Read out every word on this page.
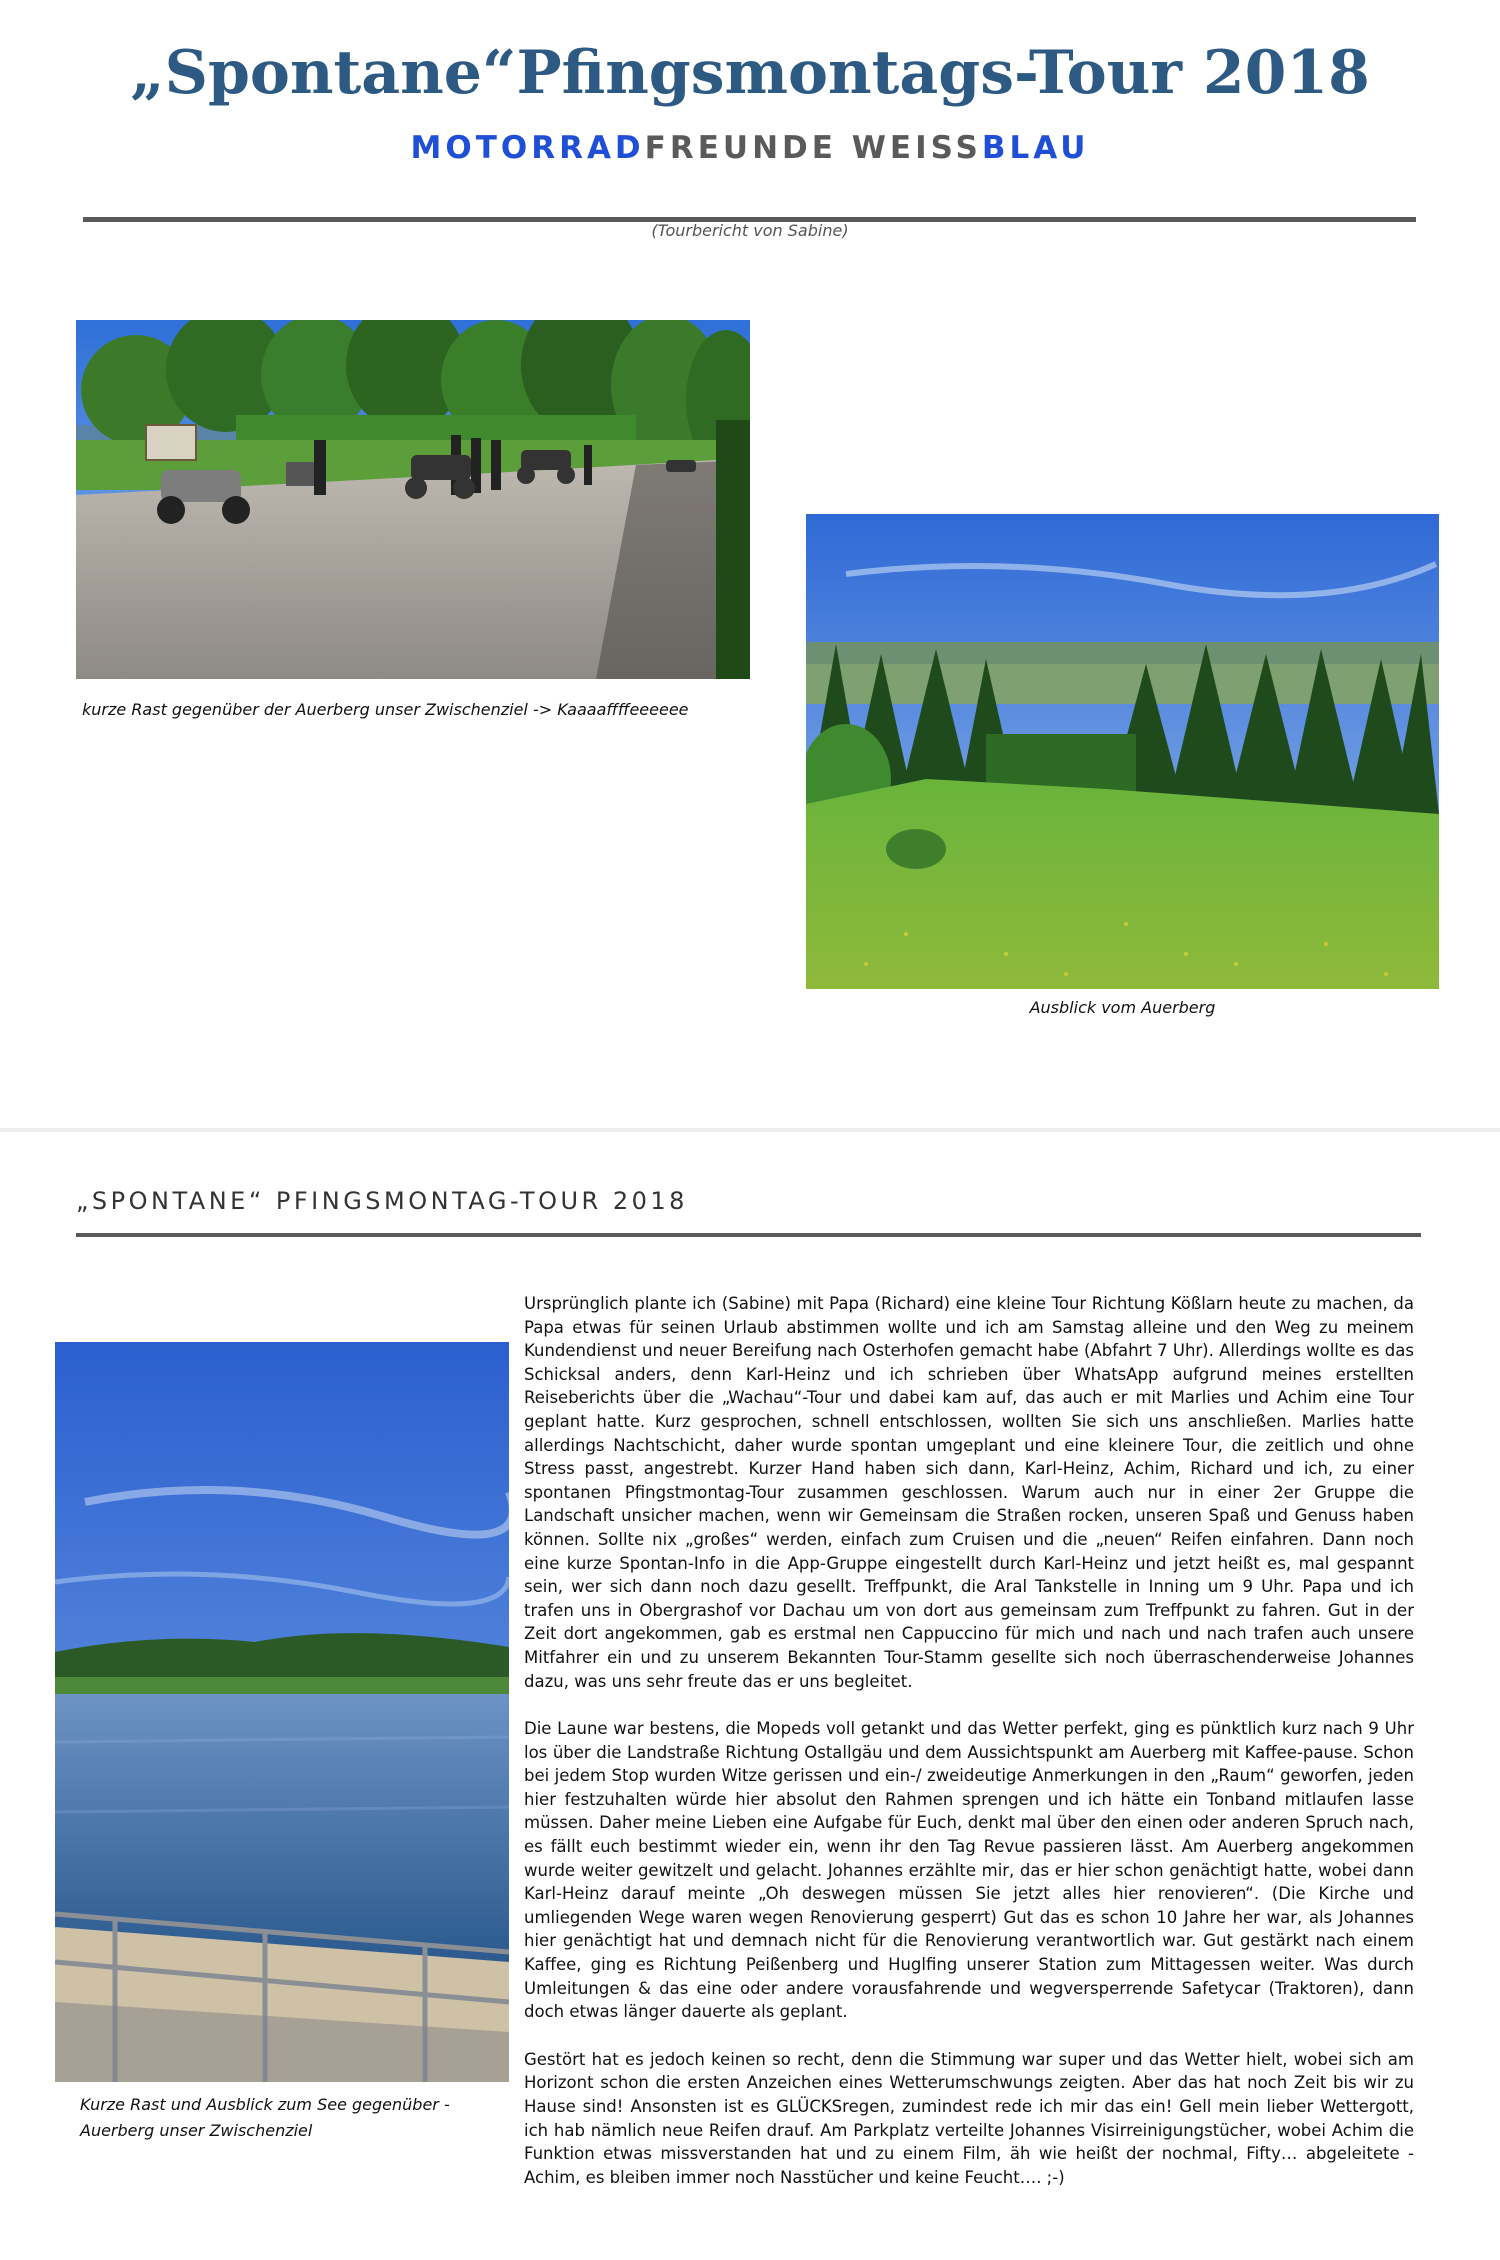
„Spontane“Pfingsmontags-Tour 2018
MOTORRADFREUNDE WEISSBLAU
(Tourbericht von Sabine)
kurze Rast gegenüber der Auerberg unser Zwischenziel -> Kaaaaffffeeeeee
Ausblick vom Auerberg
„SPONTANE“ PFINGSMONTAG-TOUR 2018
Kurze Rast und Ausblick zum See gegenüber -
Auerberg unser Zwischenziel

Ursprünglich plante ich (Sabine) mit Papa (Richard) eine kleine Tour Richtung Kößlarn heute zu machen, da Papa etwas für seinen Urlaub abstimmen wollte und ich am Samstag alleine und den Weg zu meinem Kundendienst und neuer Bereifung nach Osterhofen gemacht habe (Abfahrt 7 Uhr). Allerdings wollte es das Schicksal anders, denn Karl-Heinz und ich schrieben über WhatsApp aufgrund meines erstellten Reiseberichts über die „Wachau“-Tour und dabei kam auf, das auch er mit Marlies und Achim eine Tour geplant hatte. Kurz gesprochen, schnell entschlossen, wollten Sie sich uns anschließen. Marlies hatte allerdings Nachtschicht, daher wurde spontan umgeplant und eine kleinere Tour, die zeitlich und ohne Stress passt, angestrebt. Kurzer Hand haben sich dann, Karl-Heinz, Achim, Richard und ich, zu einer spontanen Pfingstmontag-Tour zusammen geschlossen. Warum auch nur in einer 2er Gruppe die Landschaft unsicher machen, wenn wir Gemeinsam die Straßen rocken, unseren Spaß und Genuss haben können. Sollte nix „großes“ werden, einfach zum Cruisen und die „neuen“ Reifen einfahren. Dann noch eine kurze Spontan-Info in die App-Gruppe eingestellt durch Karl-Heinz und jetzt heißt es, mal gespannt sein, wer sich dann noch dazu gesellt. Treffpunkt, die Aral Tankstelle in Inning um 9 Uhr. Papa und ich trafen uns in Obergrashof vor Dachau um von dort aus gemeinsam zum Treffpunkt zu fahren. Gut in der Zeit dort angekommen, gab es erstmal nen Cappuccino für mich und nach und nach trafen auch unsere Mitfahrer ein und zu unserem Bekannten Tour-Stamm gesellte sich noch überraschenderweise Johannes dazu, was uns sehr freute das er uns begleitet.

Die Laune war bestens, die Mopeds voll getankt und das Wetter perfekt, ging es pünktlich kurz nach 9 Uhr los über die Landstraße Richtung Ostallgäu und dem Aussichtspunkt am Auerberg mit Kaffee-pause. Schon bei jedem Stop wurden Witze gerissen und ein-/ zweideutige Anmerkungen in den „Raum“ geworfen, jeden hier festzuhalten würde hier absolut den Rahmen sprengen und ich hätte ein Tonband mitlaufen lasse müssen. Daher meine Lieben eine Aufgabe für Euch, denkt mal über den einen oder anderen Spruch nach, es fällt euch bestimmt wieder ein, wenn ihr den Tag Revue passieren lässt. Am Auerberg angekommen wurde weiter gewitzelt und gelacht. Johannes erzählte mir, das er hier schon genächtigt hatte, wobei dann Karl-Heinz darauf meinte „Oh deswegen müssen Sie jetzt alles hier renovieren“. (Die Kirche und umliegenden Wege waren wegen Renovierung gesperrt) Gut das es schon 10 Jahre her war, als Johannes hier genächtigt hat und demnach nicht für die Renovierung verantwortlich war. Gut gestärkt nach einem Kaffee, ging es Richtung Peißenberg und Huglfing unserer Station zum Mittagessen weiter. Was durch Umleitungen & das eine oder andere vorausfahrende und wegversperrende Safetycar (Traktoren), dann doch etwas länger dauerte als geplant.

Gestört hat es jedoch keinen so recht, denn die Stimmung war super und das Wetter hielt, wobei sich am Horizont schon die ersten Anzeichen eines Wetterumschwungs zeigten. Aber das hat noch Zeit bis wir zu Hause sind! Ansonsten ist es GLÜCKSregen, zumindest rede ich mir das ein! Gell mein lieber Wettergott, ich hab nämlich neue Reifen drauf. Am Parkplatz verteilte Johannes Visirreinigungstücher, wobei Achim die Funktion etwas missverstanden hat und zu einem Film, äh wie heißt der nochmal, Fifty… abgeleitete - Achim, es bleiben immer noch Nasstücher und keine Feucht…. ;-)
